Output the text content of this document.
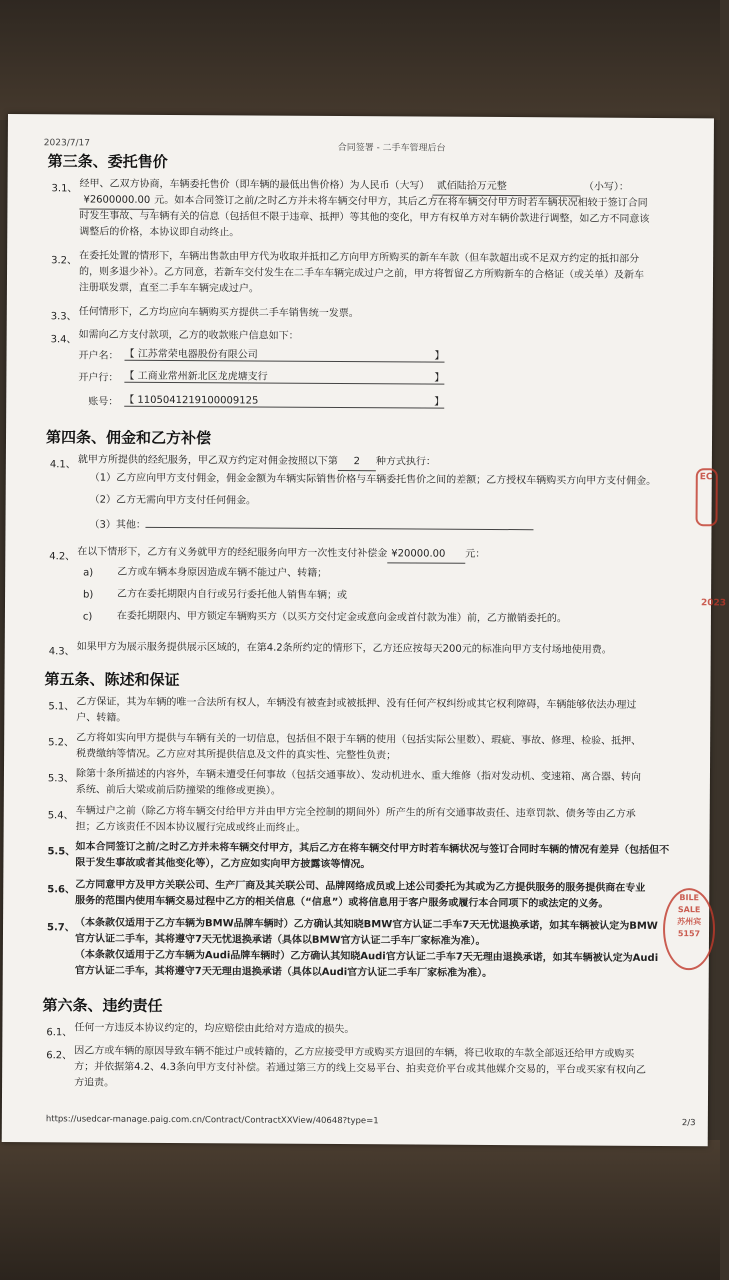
2023/7/17	合同签署 - 二手车管理后台
第三条、委托售价
3.1、 经甲、乙双方协商，车辆委托售价（即车辆的最低出售价格）为人民币（大写） 贰佰陆拾万元整	（小写）：
¥2600000.00 元。如本合同签订之前/之时乙方并未将车辆交付甲方，其后乙方在将车辆交付甲方时若车辆状况相较于签订合同
时发生事故、与车辆有关的信息（包括但不限于违章、抵押）等其他的变化，甲方有权单方对车辆价款进行调整，如乙方不同意该
调整后的价格，本协议即自动终止。
3.2、 在委托处置的情形下，车辆出售款由甲方代为收取并抵扣乙方向甲方所购买的新车车款（但车款超出或不足双方约定的抵扣部分
的，则多退少补）。乙方同意，若新车交付发生在二手车车辆完成过户之前，甲方将暂留乙方所购新车的合格证（或关单）及新车
注册联发票，直至二手车车辆完成过户。
3.3、 任何情形下，乙方均应向车辆购买方提供二手车销售统一发票。
3.4、 如需向乙方支付款项，乙方的收款账户信息如下：
开户名： 【 江苏常荣电器股份有限公司	】
开户行： 【 工商业常州新北区龙虎塘支行	】
账号： 【 1105041219100009125	】
第四条、佣金和乙方补偿
4.1、 就甲方所提供的经纪服务，甲乙双方约定对佣金按照以下第 2 种方式执行：
（1）乙方应向甲方支付佣金，佣金金额为车辆实际销售价格与车辆委托售价之间的差额；乙方授权车辆购买方向甲方支付佣金。
（2）乙方无需向甲方支付任何佣金。
（3）其他：
4.2、 在以下情形下，乙方有义务就甲方的经纪服务向甲方一次性支付补偿金 ¥20000.00 元：
a) 乙方或车辆本身原因造成车辆不能过户、转籍；
b) 乙方在委托期限内自行或另行委托他人销售车辆；或
c) 在委托期限内、甲方锁定车辆购买方（以买方交付定金或意向金或首付款为准）前，乙方撤销委托的。
4.3、 如果甲方为展示服务提供展示区域的，在第4.2条所约定的情形下，乙方还应按每天200元的标准向甲方支付场地使用费。
第五条、陈述和保证
5.1、 乙方保证，其为车辆的唯一合法所有权人，车辆没有被查封或被抵押、没有任何产权纠纷或其它权利障碍，车辆能够依法办理过
户、转籍。
5.2、 乙方将如实向甲方提供与车辆有关的一切信息，包括但不限于车辆的使用（包括实际公里数）、瑕疵、事故、修理、检验、抵押、
税费缴纳等情况。乙方应对其所提供信息及文件的真实性、完整性负责；
5.3、 除第十条所描述的内容外，车辆未遭受任何事故（包括交通事故）、发动机进水、重大维修（指对发动机、变速箱、离合器、转向
系统、前后大梁或前后防撞梁的维修或更换）。
5.4、 车辆过户之前（除乙方将车辆交付给甲方并由甲方完全控制的期间外）所产生的所有交通事故责任、违章罚款、债务等由乙方承
担；乙方该责任不因本协议履行完成或终止而终止。
5.5、 如本合同签订之前/之时乙方并未将车辆交付甲方，其后乙方在将车辆交付甲方时若车辆状况与签订合同时车辆的情况有差异（包括但不
限于发生事故或者其他变化等），乙方应如实向甲方披露该等情况。
5.6、 乙方同意甲方及甲方关联公司、生产厂商及其关联公司、品牌网络成员或上述公司委托为其或为乙方提供服务的服务提供商在专业
服务的范围内使用车辆交易过程中乙方的相关信息（“信息”）或将信息用于客户服务或履行本合同项下的或法定的义务。
5.7、 （本条款仅适用于乙方车辆为BMW品牌车辆时）乙方确认其知晓BMW官方认证二手车7天无忧退换承诺，如其车辆被认定为BMW
官方认证二手车，其将遵守7天无忧退换承诺（具体以BMW官方认证二手车厂家标准为准）。
（本条款仅适用于乙方车辆为Audi品牌车辆时）乙方确认其知晓Audi官方认证二手车7天无理由退换承诺，如其车辆被认定为Audi
官方认证二手车，其将遵守7天无理由退换承诺（具体以Audi官方认证二手车厂家标准为准）。
第六条、违约责任
6.1、 任何一方违反本协议约定的，均应赔偿由此给对方造成的损失。
6.2、 因乙方或车辆的原因导致车辆不能过户或转籍的，乙方应接受甲方或购买方退回的车辆，将已收取的车款全部返还给甲方或购买
方；并依据第4.2、4.3条向甲方支付补偿。若通过第三方的线上交易平台、拍卖竞价平台或其他媒介交易的，平台或买家有权向乙
方追责。
https://usedcar-manage.paig.com.cn/Contract/ContractXXView/40648?type=1	2/3
EC
2023
BILE SALE
苏州宾
5157
